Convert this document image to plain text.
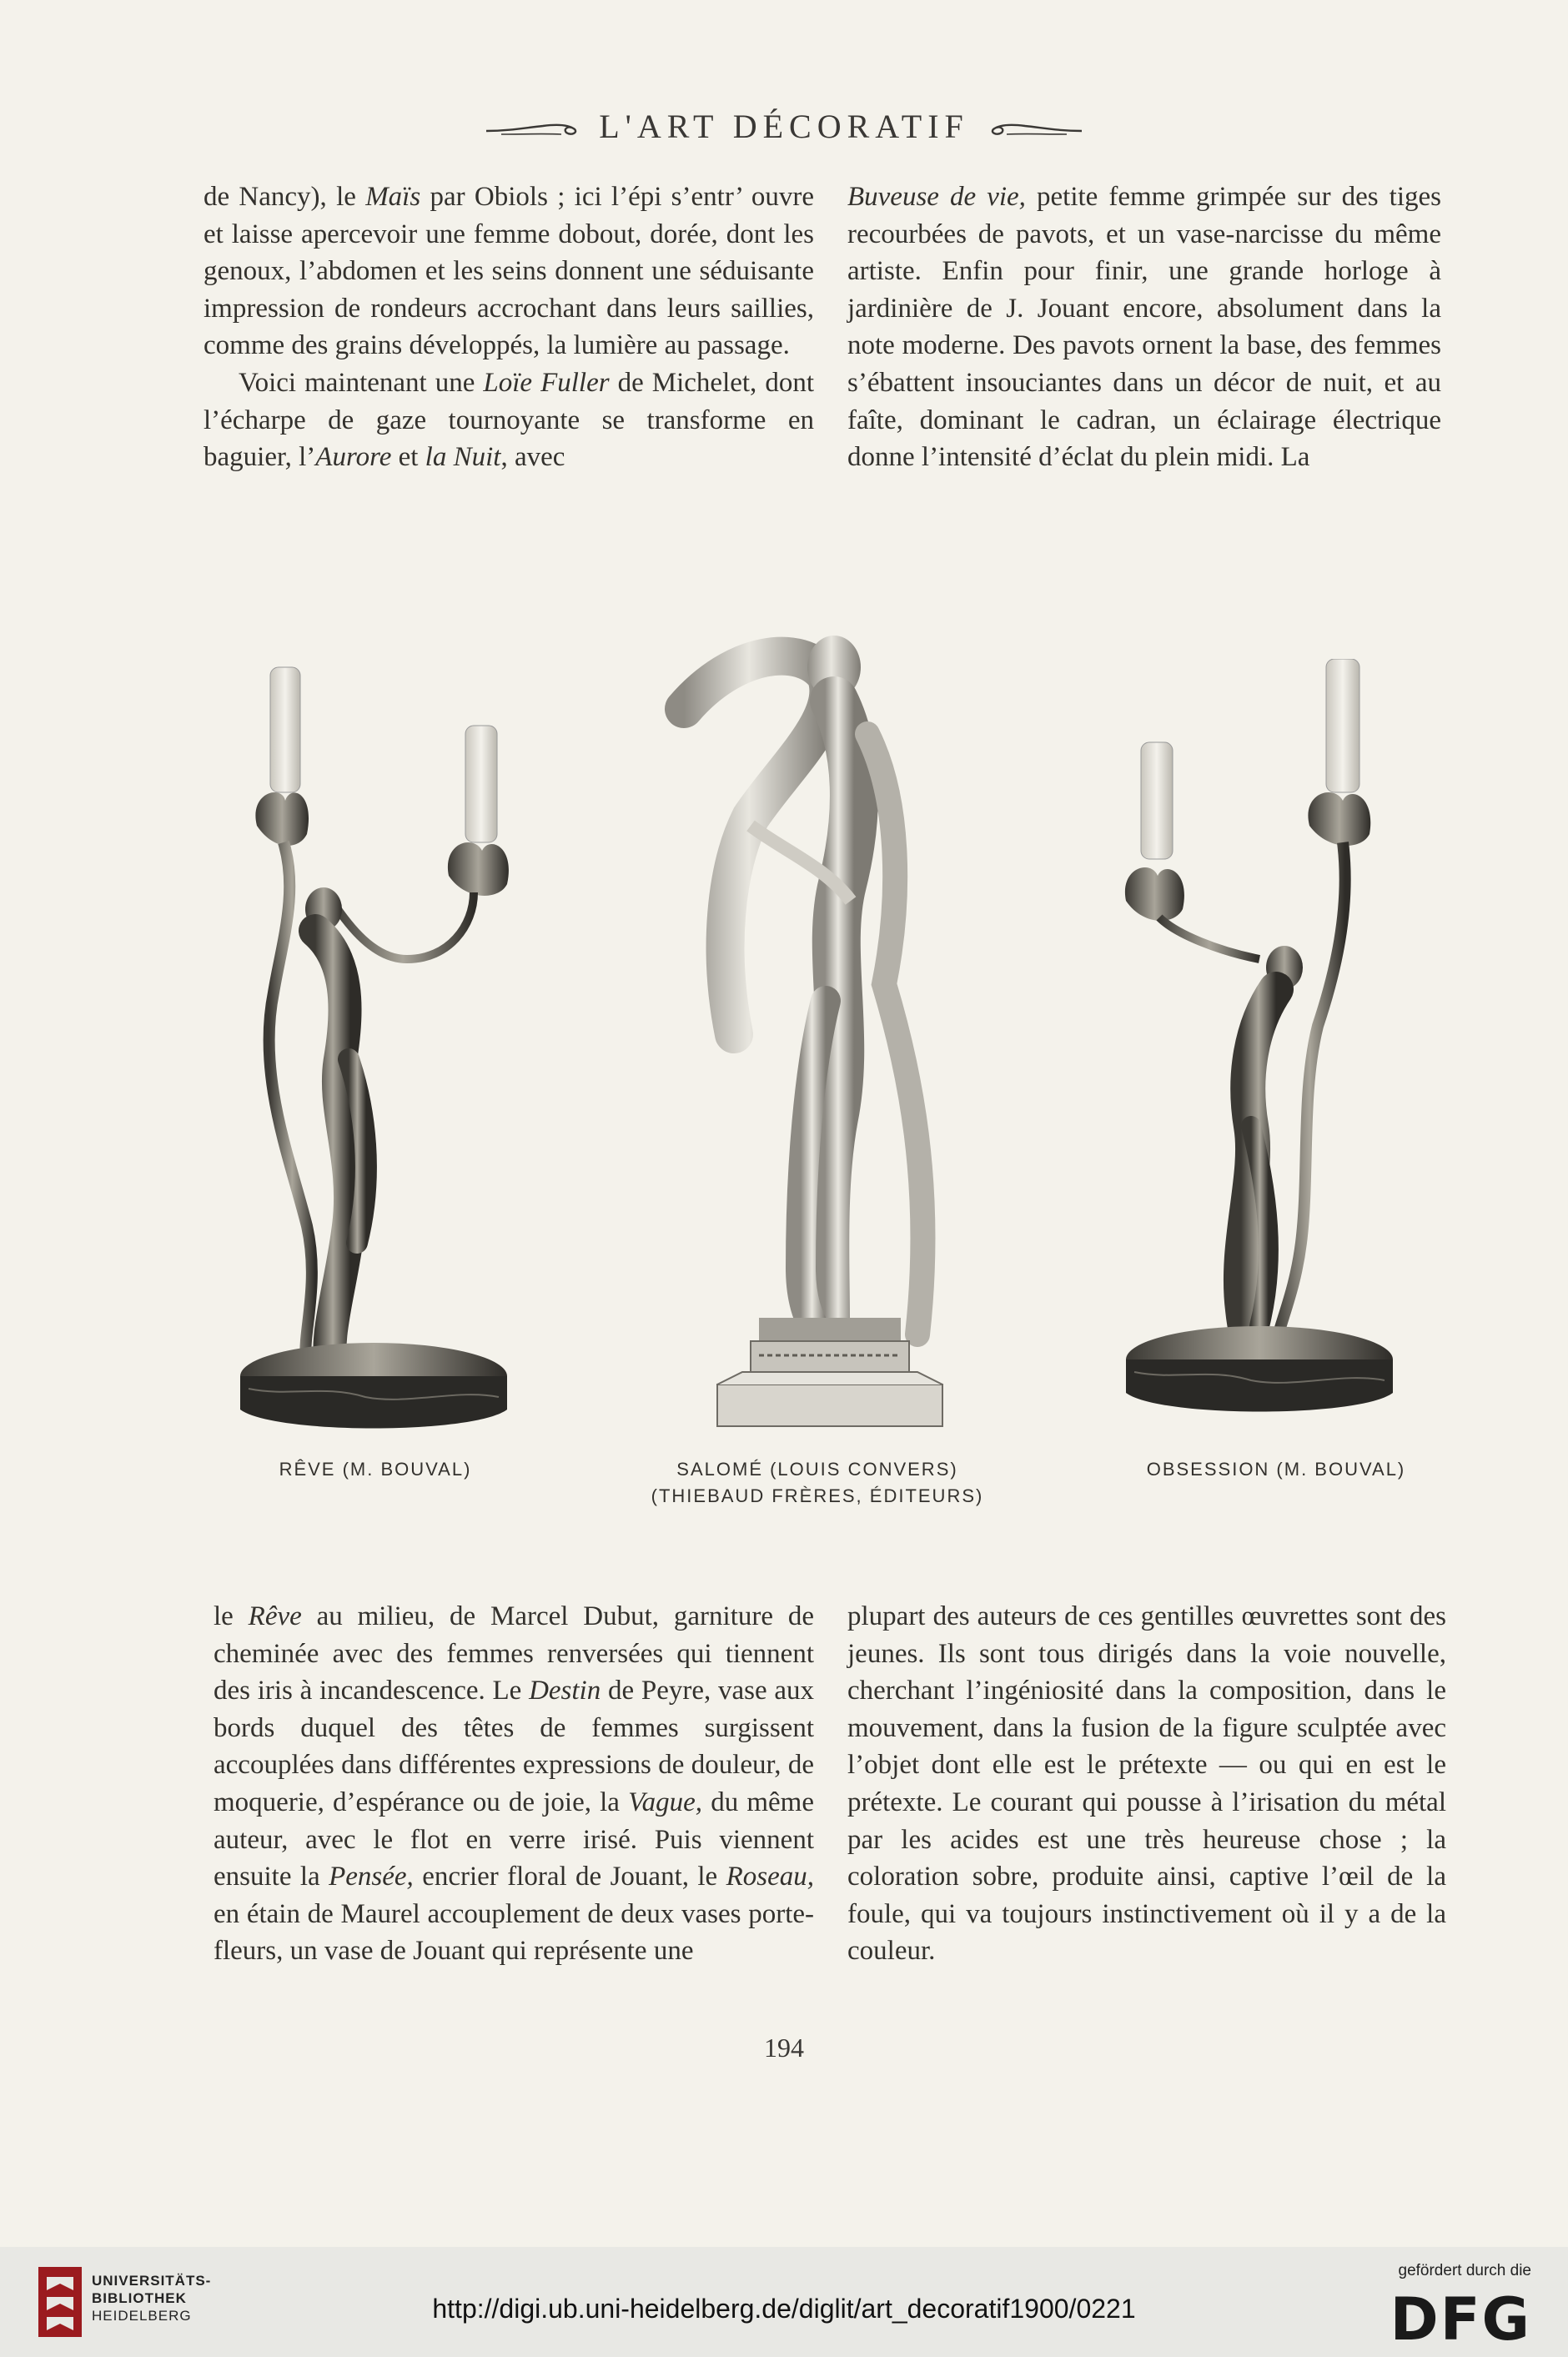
L'ART DÉCORATIF

de Nancy), le Maïs par Obiols ; ici l’épi s’entr’ ouvre et laisse apercevoir une femme dobout, dorée, dont les genoux, l’abdomen et les seins donnent une séduisante impression de rondeurs accrochant dans leurs saillies, comme des grains développés, la lumière au passage.

Voici maintenant une Loïe Fuller de Michelet, dont l’écharpe de gaze tournoyante se transforme en baguier, l’Aurore et la Nuit, avec

Buveuse de vie, petite femme grimpée sur des tiges recourbées de pavots, et un vase-narcisse du même artiste. Enfin pour finir, une grande horloge à jardinière de J. Jouant encore, absolument dans la note moderne. Des pavots ornent la base, des femmes s’ébattent insouciantes dans un décor de nuit, et au faîte, dominant le cadran, un éclairage électrique donne l’intensité d’éclat du plein midi. La

RÊVE (M. BOUVAL)	SALOMÉ (LOUIS CONVERS)
(THIEBAUD FRÈRES, ÉDITEURS)
OBSESSION (M. BOUVAL)

le Rêve au milieu, de Marcel Dubut, garniture de cheminée avec des femmes renversées qui tiennent des iris à incandescence. Le Destin de Peyre, vase aux bords duquel des têtes de femmes surgissent accouplées dans différentes expressions de douleur, de moquerie, d’espérance ou de joie, la Vague, du même auteur, avec le flot en verre irisé. Puis viennent ensuite la Pensée, encrier floral de Jouant, le Roseau, en étain de Maurel accouplement de deux vases porte-fleurs, un vase de Jouant qui représente une

plupart des auteurs de ces gentilles œuvrettes sont des jeunes. Ils sont tous dirigés dans la voie nouvelle, cherchant l’ingéniosité dans la composition, dans le mouvement, dans la fusion de la figure sculptée avec l’objet dont elle est le prétexte — ou qui en est le prétexte. Le courant qui pousse à l’irisation du métal par les acides est une très heureuse chose ; la coloration sobre, produite ainsi, captive l’œil de la foule, qui va toujours instinctivement où il y a de la couleur.

194
UNIVERSITÄTS-
BIBLIOTHEK
HEIDELBERG	http://digi.ub.uni-heidelberg.de/diglit/art_decoratif1900/0221
gefördert durch die
DFG
